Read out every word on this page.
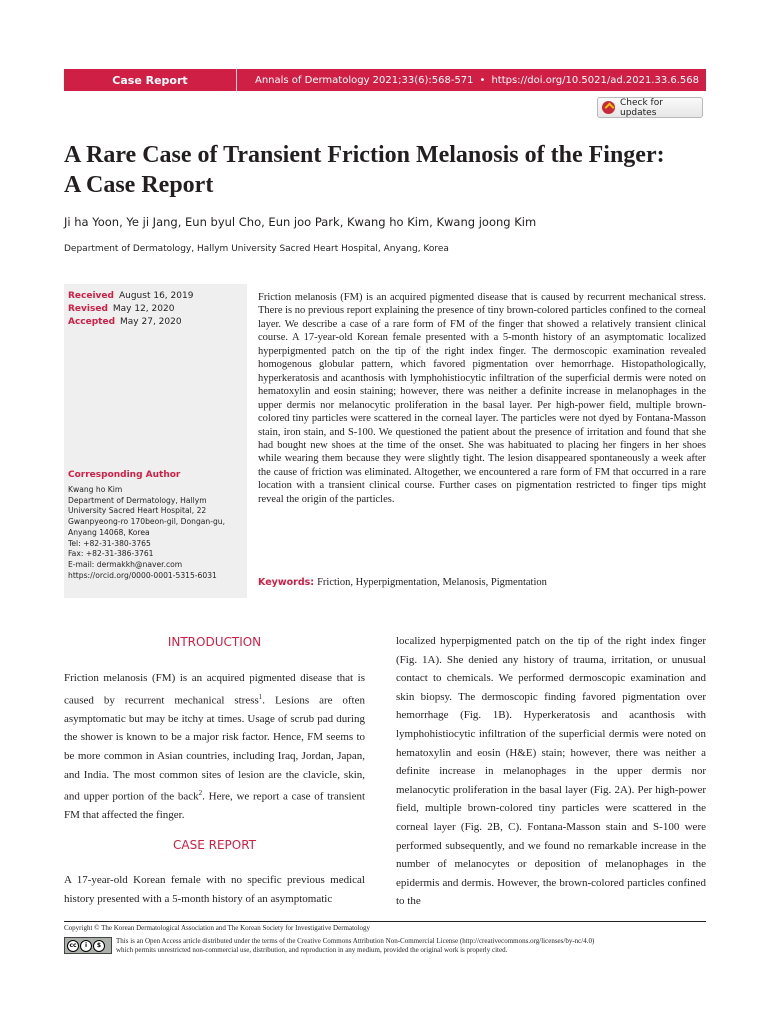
Case Report	Annals of Dermatology 2021;33(6):568-571 • https://doi.org/10.5021/ad.2021.33.6.568
Check for updates
A Rare Case of Transient Friction Melanosis of the Finger:
A Case Report
Ji ha Yoon, Ye ji Jang, Eun byul Cho, Eun joo Park, Kwang ho Kim, Kwang joong Kim
Department of Dermatology, Hallym University Sacred Heart Hospital, Anyang, Korea
Received August 16, 2019
Revised May 12, 2020
Accepted May 27, 2020
Corresponding Author
Kwang ho Kim
Department of Dermatology, Hallym
University Sacred Heart Hospital, 22
Gwanpyeong-ro 170beon-gil, Dongan-gu,
Anyang 14068, Korea
Tel: +82-31-380-3765
Fax: +82-31-386-3761
E-mail: dermakkh@naver.com
https://orcid.org/0000-0001-5315-6031

Friction melanosis (FM) is an acquired pigmented disease that is caused by recurrent mechanical stress. There is no previous report explaining the presence of tiny brown-colored particles confined to the corneal layer. We describe a case of a rare form of FM of the finger that showed a relatively transient clinical course. A 17-year-old Korean female presented with a 5-month history of an asymptomatic localized hyperpigmented patch on the tip of the right index finger. The dermoscopic examination revealed homogenous globular pattern, which favored pigmentation over hemorrhage. Histopathologically, hyperkeratosis and acanthosis with lymphohistiocytic infiltration of the superficial dermis were noted on hematoxylin and eosin staining; however, there was neither a definite increase in melanophages in the upper dermis nor melanocytic proliferation in the basal layer. Per high-power field, multiple brown-colored tiny particles were scattered in the corneal layer. The particles were not dyed by Fontana-Masson stain, iron stain, and S-100. We questioned the patient about the presence of irritation and found that she had bought new shoes at the time of the onset. She was habituated to placing her fingers in her shoes while wearing them because they were slightly tight. The lesion disappeared spontaneously a week after the cause of friction was eliminated. Altogether, we encountered a rare form of FM that occurred in a rare location with a transient clinical course. Further cases on pigmentation restricted to finger tips might reveal the origin of the particles.

Keywords: Friction, Hyperpigmentation, Melanosis, Pigmentation
INTRODUCTION

Friction melanosis (FM) is an acquired pigmented disease that is caused by recurrent mechanical stress$^1$. Lesions are often asymptomatic but may be itchy at times. Usage of scrub pad during the shower is known to be a major risk factor. Hence, FM seems to be more common in Asian countries, including Iraq, Jordan, Japan, and India. The most common sites of lesion are the clavicle, skin, and upper portion of the back$^2$. Here, we report a case of transient FM that affected the finger.

CASE REPORT

A 17-year-old Korean female with no specific previous medical history presented with a 5-month history of an asymptomatic

localized hyperpigmented patch on the tip of the right index finger (Fig. 1A). She denied any history of trauma, irritation, or unusual contact to chemicals. We performed dermoscopic examination and skin biopsy. The dermoscopic finding favored pigmentation over hemorrhage (Fig. 1B). Hyperkeratosis and acanthosis with lymphohistiocytic infiltration of the superficial dermis were noted on hematoxylin and eosin (H&E) stain; however, there was neither a definite increase in melanophages in the upper dermis nor melanocytic proliferation in the basal layer (Fig. 2A). Per high-power field, multiple brown-colored tiny particles were scattered in the corneal layer (Fig. 2B, C). Fontana-Masson stain and S-100 were performed subsequently, and we found no remarkable increase in the number of melanocytes or deposition of melanophages in the epidermis and dermis. However, the brown-colored particles confined to the

Copyright © The Korean Dermatological Association and The Korean Society for Investigative Dermatology
cc	i	$
This is an Open Access article distributed under the terms of the Creative Commons Attribution Non-Commercial License (http://creativecommons.org/licenses/by-nc/4.0)
which permits unrestricted non-commercial use, distribution, and reproduction in any medium, provided the original work is properly cited.
